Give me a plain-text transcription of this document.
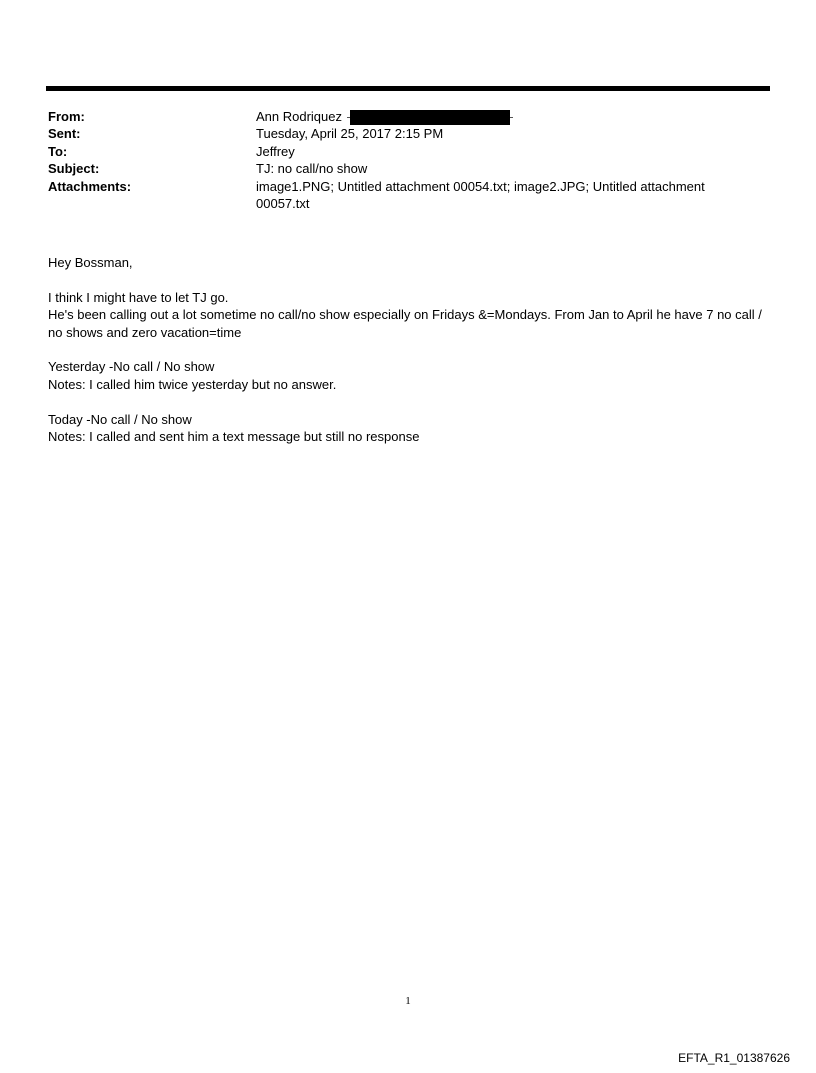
From:	Ann Rodriquez
Sent:	Tuesday, April 25, 2017 2:15 PM
To:	Jeffrey
Subject:	TJ: no call/no show
Attachments:	image1.PNG; Untitled attachment 00054.txt; image2.JPG; Untitled attachment 00057.txt

Hey Bossman,

I think I might have to let TJ go.

He's been calling out a lot sometime no call/no show especially on Fridays &=Mondays. From Jan to April he have 7 no call / no shows and zero vacation=time

Yesterday -No call / No show

Notes: I called him twice yesterday but no answer.

Today -No call / No show

Notes: I called and sent him a text message but still no response

1
EFTA_R1_01387626
